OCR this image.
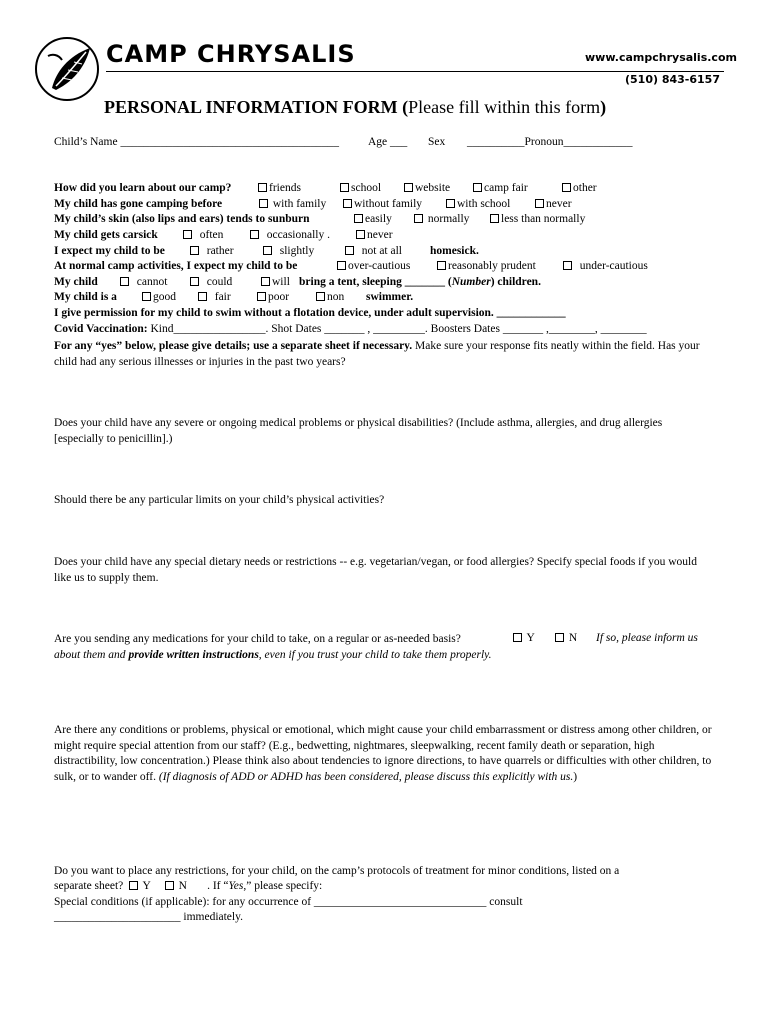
CAMP CHRYSALIS	www.campchrysalis.com
(510) 843-6157
PERSONAL INFORMATION FORM (Please fill within this form)
Child’s Name ______________________________________	Age ___ Sex __________Pronoun____________
How did you learn about our camp?	friends	school	website	camp fair	other
My child has gone camping before	with family	without family	with school	never
My child’s skin (also lips and ears) tends to sunburn	easily	normally	less than normally
My child gets carsick	often	occasionally .	never
I expect my child to be	rather	slightly	not at all homesick.
At normal camp activities, I expect my child to be	over-cautious	reasonably prudent	under-cautious
My child	cannot	could	will bring a tent, sleeping _______ (Number) children.
My child is a	good	fair	poor	non swimmer.
I give permission for my child to swim without a flotation device, under adult supervision. ____________
Covid Vaccination: Kind________________. Shot Dates _______ , _________. Boosters Dates _______ ,________, ________
For any “yes” below, please give details; use a separate sheet if necessary. Make sure your response fits neatly within the field. Has your child had any serious illnesses or injuries in the past two years?
Does your child have any severe or ongoing medical problems or physical disabilities? (Include asthma, allergies, and drug allergies [especially to penicillin].)
Should there be any particular limits on your child’s physical activities?
Does your child have any special dietary needs or restrictions -- e.g. vegetarian/vegan, or food allergies? Specify special foods if you would like us to supply them.
Are you sending any medications for your child to take, on a regular or as-needed basis?	Y	N If so, please inform us
about them and provide written instructions, even if you trust your child to take them properly.
Are there any conditions or problems, physical or emotional, which might cause your child embarrassment or distress among other children, or might require special attention from our staff? (E.g., bedwetting, nightmares, sleepwalking, recent family death or separation, high distractibility, low concentration.) Please think also about tendencies to ignore directions, to have quarrels or difficulties with other children, to sulk, or to wander off. (If diagnosis of ADD or ADHD has been considered, please discuss this explicitly with us.)
Do you want to place any restrictions, for your child, on the camp’s protocols of treatment for minor conditions, listed on a
separate sheet? Y N . If “Yes,” please specify:
Special conditions (if applicable): for any occurrence of ______________________________ consult
______________________ immediately.
